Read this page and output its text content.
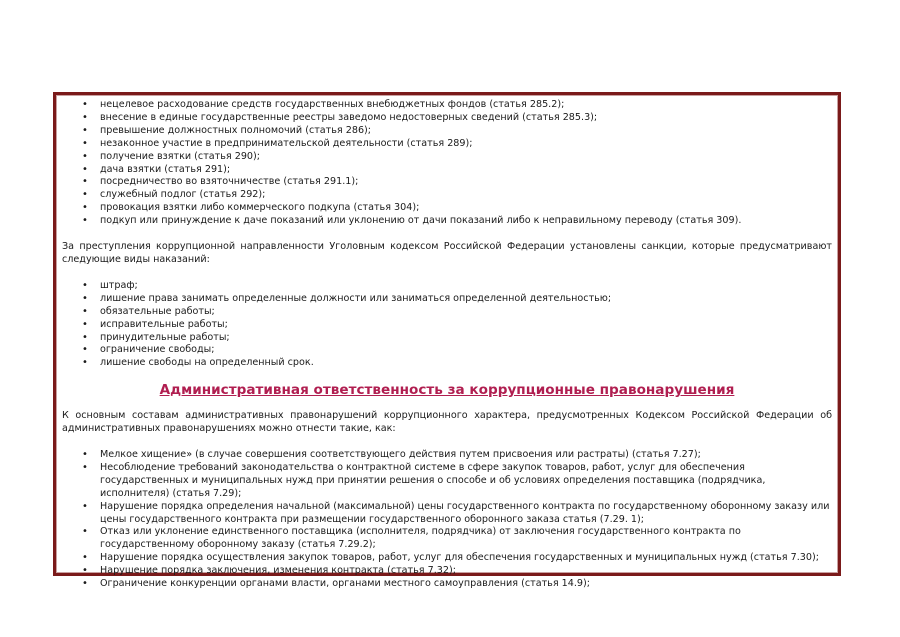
• нецелевое расходование средств государственных внебюджетных фондов (статья 285.2);
• внесение в единые государственные реестры заведомо недостоверных сведений (статья 285.3);
• превышение должностных полномочий (статья 286);
• незаконное участие в предпринимательской деятельности (статья 289);
• получение взятки (статья 290);
• дача взятки (статья 291);
• посредничество во взяточничестве (статья 291.1);
• служебный подлог (статья 292);
• провокация взятки либо коммерческого подкупа (статья 304);
• подкуп или принуждение к даче показаний или уклонению от дачи показаний либо к неправильному переводу (статья 309).

За преступления коррупционной направленности Уголовным кодексом Российской Федерации установлены санкции, которые предусматривают следующие виды наказаний:

• штраф;
• лишение права занимать определенные должности или заниматься определенной деятельностью;
• обязательные работы;
• исправительные работы;
• принудительные работы;
• ограничение свободы;
• лишение свободы на определенный срок.
Административная ответственность за коррупционные правонарушения

К основным составам административных правонарушений коррупционного характера, предусмотренных Кодексом Российской Федерации об административных правонарушениях можно отнести такие, как:

• Мелкое хищение» (в случае совершения соответствующего действия путем присвоения или растраты) (статья 7.27);
• Несоблюдение требований законодательства о контрактной системе в сфере закупок товаров, работ, услуг для обеспечения государственных и муниципальных нужд при принятии решения о способе и об условиях определения поставщика (подрядчика, исполнителя) (статья 7.29);
• Нарушение порядка определения начальной (максимальной) цены государственного контракта по государственному оборонному заказу или цены государственного контракта при размещении государственного оборонного заказа статья (7.29. 1);
• Отказ или уклонение единственного поставщика (исполнителя, подрядчика) от заключения государственного контракта по государственному оборонному заказу (статья 7.29.2);
• Нарушение порядка осуществления закупок товаров, работ, услуг для обеспечения государственных и муниципальных нужд (статья 7.30);
• Нарушение порядка заключения, изменения контракта (статья 7.32);
• Ограничение конкуренции органами власти, органами местного самоуправления (статья 14.9);
